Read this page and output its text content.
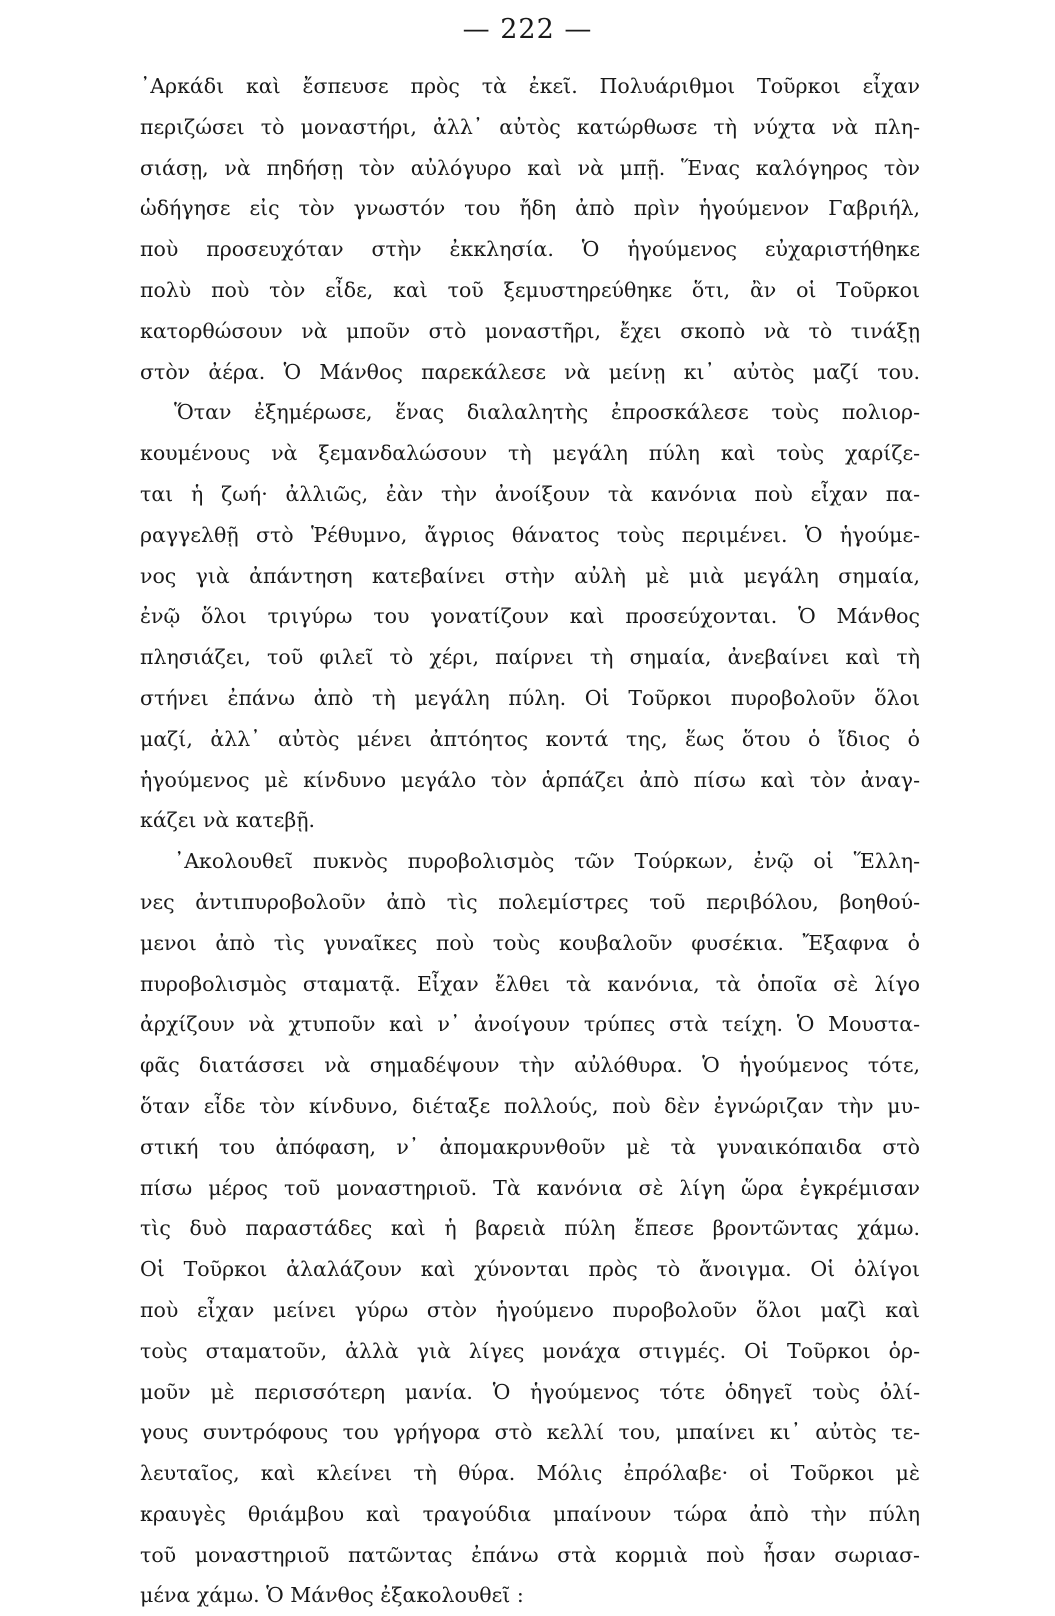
— 222 —
᾿Αρκάδι καὶ ἔσπευσε πρὸς τὰ ἐκεῖ. Πολυάριθμοι Τοῦρκοι εἶχαν
περιζώσει τὸ μοναστήρι, ἀλλ᾿ αὐτὸς κατώρθωσε τὴ νύχτα νὰ πλη-
σιάσῃ, νὰ πηδήσῃ τὸν αὐλόγυρο καὶ νὰ μπῇ. Ἕνας καλόγηρος τὸν
ὡδήγησε εἰς τὸν γνωστόν του ἤδη ἀπὸ πρὶν ἡγούμενον Γαβριήλ,
ποὺ προσευχόταν στὴν ἐκκλησία. Ὁ ἡγούμενος εὐχαριστήθηκε
πολὺ ποὺ τὸν εἶδε, καὶ τοῦ ξεμυστηρεύθηκε ὅτι, ἂν οἱ Τοῦρκοι
κατορθώσουν νὰ μποῦν στὸ μοναστῆρι, ἔχει σκοπὸ νὰ τὸ τινάξῃ
στὸν ἀέρα. Ὁ Μάνθος παρεκάλεσε νὰ μείνῃ κι᾿ αὐτὸς μαζί του.
Ὅταν ἐξημέρωσε, ἕνας διαλαλητὴς ἐπροσκάλεσε τοὺς πολιορ-
κουμένους νὰ ξεμανδαλώσουν τὴ μεγάλη πύλη καὶ τοὺς χαρίζε-
ται ἡ ζωή· ἀλλιῶς, ἐὰν τὴν ἀνοίξουν τὰ κανόνια ποὺ εἶχαν πα-
ραγγελθῇ στὸ Ῥέθυμνο, ἄγριος θάνατος τοὺς περιμένει. Ὁ ἡγούμε-
νος γιὰ ἀπάντηση κατεβαίνει στὴν αὐλὴ μὲ μιὰ μεγάλη σημαία,
ἐνῷ ὅλοι τριγύρω του γονατίζουν καὶ προσεύχονται. Ὁ Μάνθος
πλησιάζει, τοῦ φιλεῖ τὸ χέρι, παίρνει τὴ σημαία, ἀνεβαίνει καὶ τὴ
στήνει ἐπάνω ἀπὸ τὴ μεγάλη πύλη. Οἱ Τοῦρκοι πυροβολοῦν ὅλοι
μαζί, ἀλλ᾿ αὐτὸς μένει ἀπτόητος κοντά της, ἕως ὅτου ὁ ἴδιος ὁ
ἡγούμενος μὲ κίνδυνο μεγάλο τὸν ἁρπάζει ἀπὸ πίσω καὶ τὸν ἀναγ-
κάζει νὰ κατεβῇ.
᾿Ακολουθεῖ πυκνὸς πυροβολισμὸς τῶν Τούρκων, ἐνῷ οἱ Ἕλλη-
νες ἀντιπυροβολοῦν ἀπὸ τὶς πολεμίστρες τοῦ περιβόλου, βοηθού-
μενοι ἀπὸ τὶς γυναῖκες ποὺ τοὺς κουβαλοῦν φυσέκια. Ἔξαφνα ὁ
πυροβολισμὸς σταματᾷ. Εἶχαν ἔλθει τὰ κανόνια, τὰ ὁποῖα σὲ λίγο
ἀρχίζουν νὰ χτυποῦν καὶ ν᾿ ἀνοίγουν τρύπες στὰ τείχη. Ὁ Μουστα-
φᾶς διατάσσει νὰ σημαδέψουν τὴν αὐλόθυρα. Ὁ ἡγούμενος τότε,
ὅταν εἶδε τὸν κίνδυνο, διέταξε πολλούς, ποὺ δὲν ἐγνώριζαν τὴν μυ-
στική του ἀπόφαση, ν᾿ ἀπομακρυνθοῦν μὲ τὰ γυναικόπαιδα στὸ
πίσω μέρος τοῦ μοναστηριοῦ. Τὰ κανόνια σὲ λίγη ὥρα ἐγκρέμισαν
τὶς δυὸ παραστάδες καὶ ἡ βαρειὰ πύλη ἔπεσε βροντῶντας χάμω.
Οἱ Τοῦρκοι ἀλαλάζουν καὶ χύνονται πρὸς τὸ ἄνοιγμα. Οἱ ὀλίγοι
ποὺ εἶχαν μείνει γύρω στὸν ἡγούμενο πυροβολοῦν ὅλοι μαζὶ καὶ
τοὺς σταματοῦν, ἀλλὰ γιὰ λίγες μονάχα στιγμές. Οἱ Τοῦρκοι ὁρ-
μοῦν μὲ περισσότερη μανία. Ὁ ἡγούμενος τότε ὁδηγεῖ τοὺς ὀλί-
γους συντρόφους του γρήγορα στὸ κελλί του, μπαίνει κι᾿ αὐτὸς τε-
λευταῖος, καὶ κλείνει τὴ θύρα. Μόλις ἐπρόλαβε· οἱ Τοῦρκοι μὲ
κραυγὲς θριάμβου καὶ τραγούδια μπαίνουν τώρα ἀπὸ τὴν πύλη
τοῦ μοναστηριοῦ πατῶντας ἐπάνω στὰ κορμιὰ ποὺ ἦσαν σωριασ-
μένα χάμω. Ὁ Μάνθος ἐξακολουθεῖ :
